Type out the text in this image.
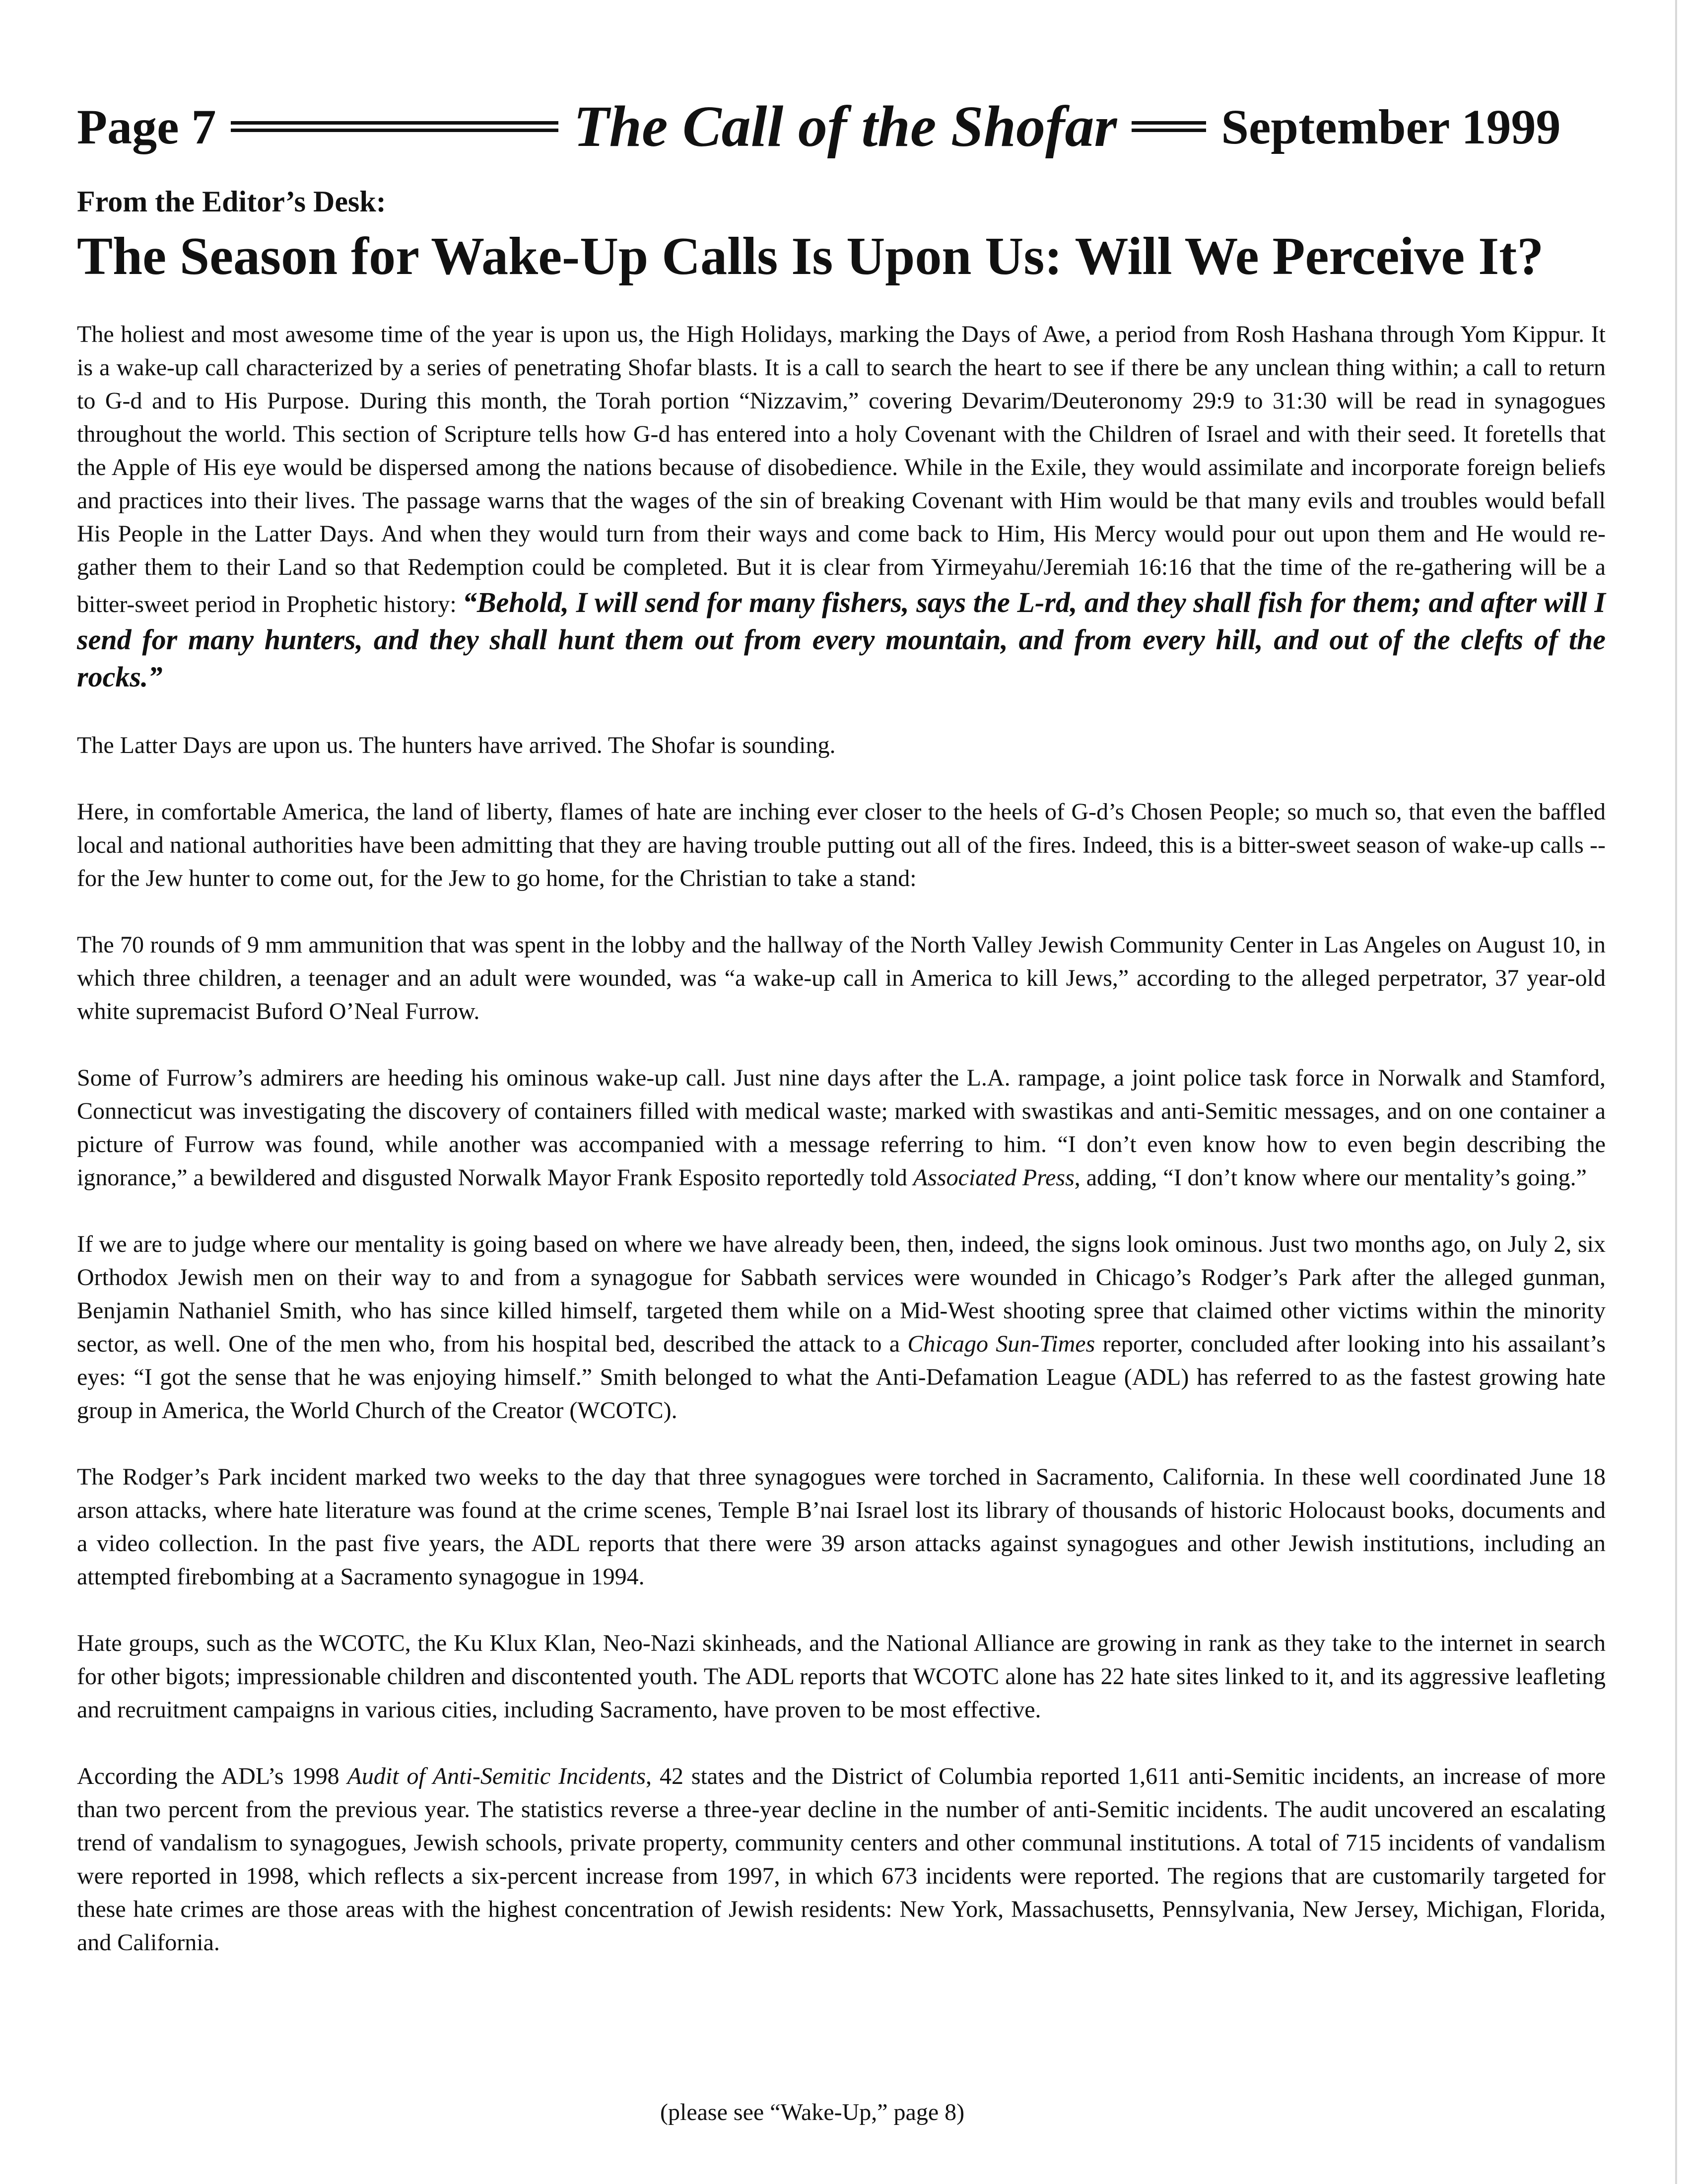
Page 7	The Call of the Shofar September 1999
From the Editor’s Desk:
The Season for Wake-Up Calls Is Upon Us: Will We Perceive It?

The holiest and most awesome time of the year is upon us, the High Holidays, marking the Days of Awe, a period from Rosh Hashana through Yom Kippur. It is a wake-up call characterized by a series of penetrating Shofar blasts. It is a call to search the heart to see if there be any unclean thing within; a call to return to G-d and to His Purpose. During this month, the Torah portion “Nizzavim,” covering Devarim/Deuteronomy 29:9 to 31:30 will be read in synagogues throughout the world. This section of Scripture tells how G-d has entered into a holy Covenant with the Children of Israel and with their seed. It foretells that the Apple of His eye would be dispersed among the nations because of disobedience. While in the Exile, they would assimilate and incorporate foreign beliefs and practices into their lives. The passage warns that the wages of the sin of breaking Covenant with Him would be that many evils and troubles would befall His People in the Latter Days. And when they would turn from their ways and come back to Him, His Mercy would pour out upon them and He would re-gather them to their Land so that Redemption could be completed. But it is clear from Yirmeyahu/Jeremiah 16:16 that the time of the re-gathering will be a bitter-sweet period in Prophetic history: “Behold, I will send for many fishers, says the L-rd, and they shall fish for them; and after will I send for many hunters, and they shall hunt them out from every mountain, and from every hill, and out of the clefts of the rocks.”

The Latter Days are upon us. The hunters have arrived. The Shofar is sounding.

Here, in comfortable America, the land of liberty, flames of hate are inching ever closer to the heels of G-d’s Chosen People; so much so, that even the baffled local and national authorities have been admitting that they are having trouble putting out all of the fires. Indeed, this is a bitter-sweet season of wake-up calls -- for the Jew hunter to come out, for the Jew to go home, for the Christian to take a stand:

The 70 rounds of 9 mm ammunition that was spent in the lobby and the hallway of the North Valley Jewish Community Center in Las Angeles on August 10, in which three children, a teenager and an adult were wounded, was “a wake-up call in America to kill Jews,” according to the alleged perpetrator, 37 year-old white supremacist Buford O’Neal Furrow.

Some of Furrow’s admirers are heeding his ominous wake-up call. Just nine days after the L.A. rampage, a joint police task force in Norwalk and Stamford, Connecticut was investigating the discovery of containers filled with medical waste; marked with swastikas and anti-Semitic messages, and on one container a picture of Furrow was found, while another was accompanied with a message referring to him. “I don’t even know how to even begin describing the ignorance,” a bewildered and disgusted Norwalk Mayor Frank Esposito reportedly told Associated Press, adding, “I don’t know where our mentality’s going.”

If we are to judge where our mentality is going based on where we have already been, then, indeed, the signs look ominous. Just two months ago, on July 2, six Orthodox Jewish men on their way to and from a synagogue for Sabbath services were wounded in Chicago’s Rodger’s Park after the alleged gunman, Benjamin Nathaniel Smith, who has since killed himself, targeted them while on a Mid-West shooting spree that claimed other victims within the minority sector, as well. One of the men who, from his hospital bed, described the attack to a Chicago Sun-Times reporter, concluded after looking into his assailant’s eyes: “I got the sense that he was enjoying himself.” Smith belonged to what the Anti-Defamation League (ADL) has referred to as the fastest growing hate group in America, the World Church of the Creator (WCOTC).

The Rodger’s Park incident marked two weeks to the day that three synagogues were torched in Sacramento, California. In these well coordinated June 18 arson attacks, where hate literature was found at the crime scenes, Temple B’nai Israel lost its library of thousands of historic Holocaust books, documents and a video collection. In the past five years, the ADL reports that there were 39 arson attacks against synagogues and other Jewish institutions, including an attempted firebombing at a Sacramento synagogue in 1994.

Hate groups, such as the WCOTC, the Ku Klux Klan, Neo-Nazi skinheads, and the National Alliance are growing in rank as they take to the internet in search for other bigots; impressionable children and discontented youth. The ADL reports that WCOTC alone has 22 hate sites linked to it, and its aggressive leafleting and recruitment campaigns in various cities, including Sacramento, have proven to be most effective.

According the ADL’s 1998 Audit of Anti-Semitic Incidents, 42 states and the District of Columbia reported 1,611 anti-Semitic incidents, an increase of more than two percent from the previous year. The statistics reverse a three-year decline in the number of anti-Semitic incidents. The audit uncovered an escalating trend of vandalism to synagogues, Jewish schools, private property, community centers and other communal institutions. A total of 715 incidents of vandalism were reported in 1998, which reflects a six-percent increase from 1997, in which 673 incidents were reported. The regions that are customarily targeted for these hate crimes are those areas with the highest concentration of Jewish residents: New York, Massachusetts, Pennsylvania, New Jersey, Michigan, Florida, and California.

(please see “Wake-Up,” page 8)
